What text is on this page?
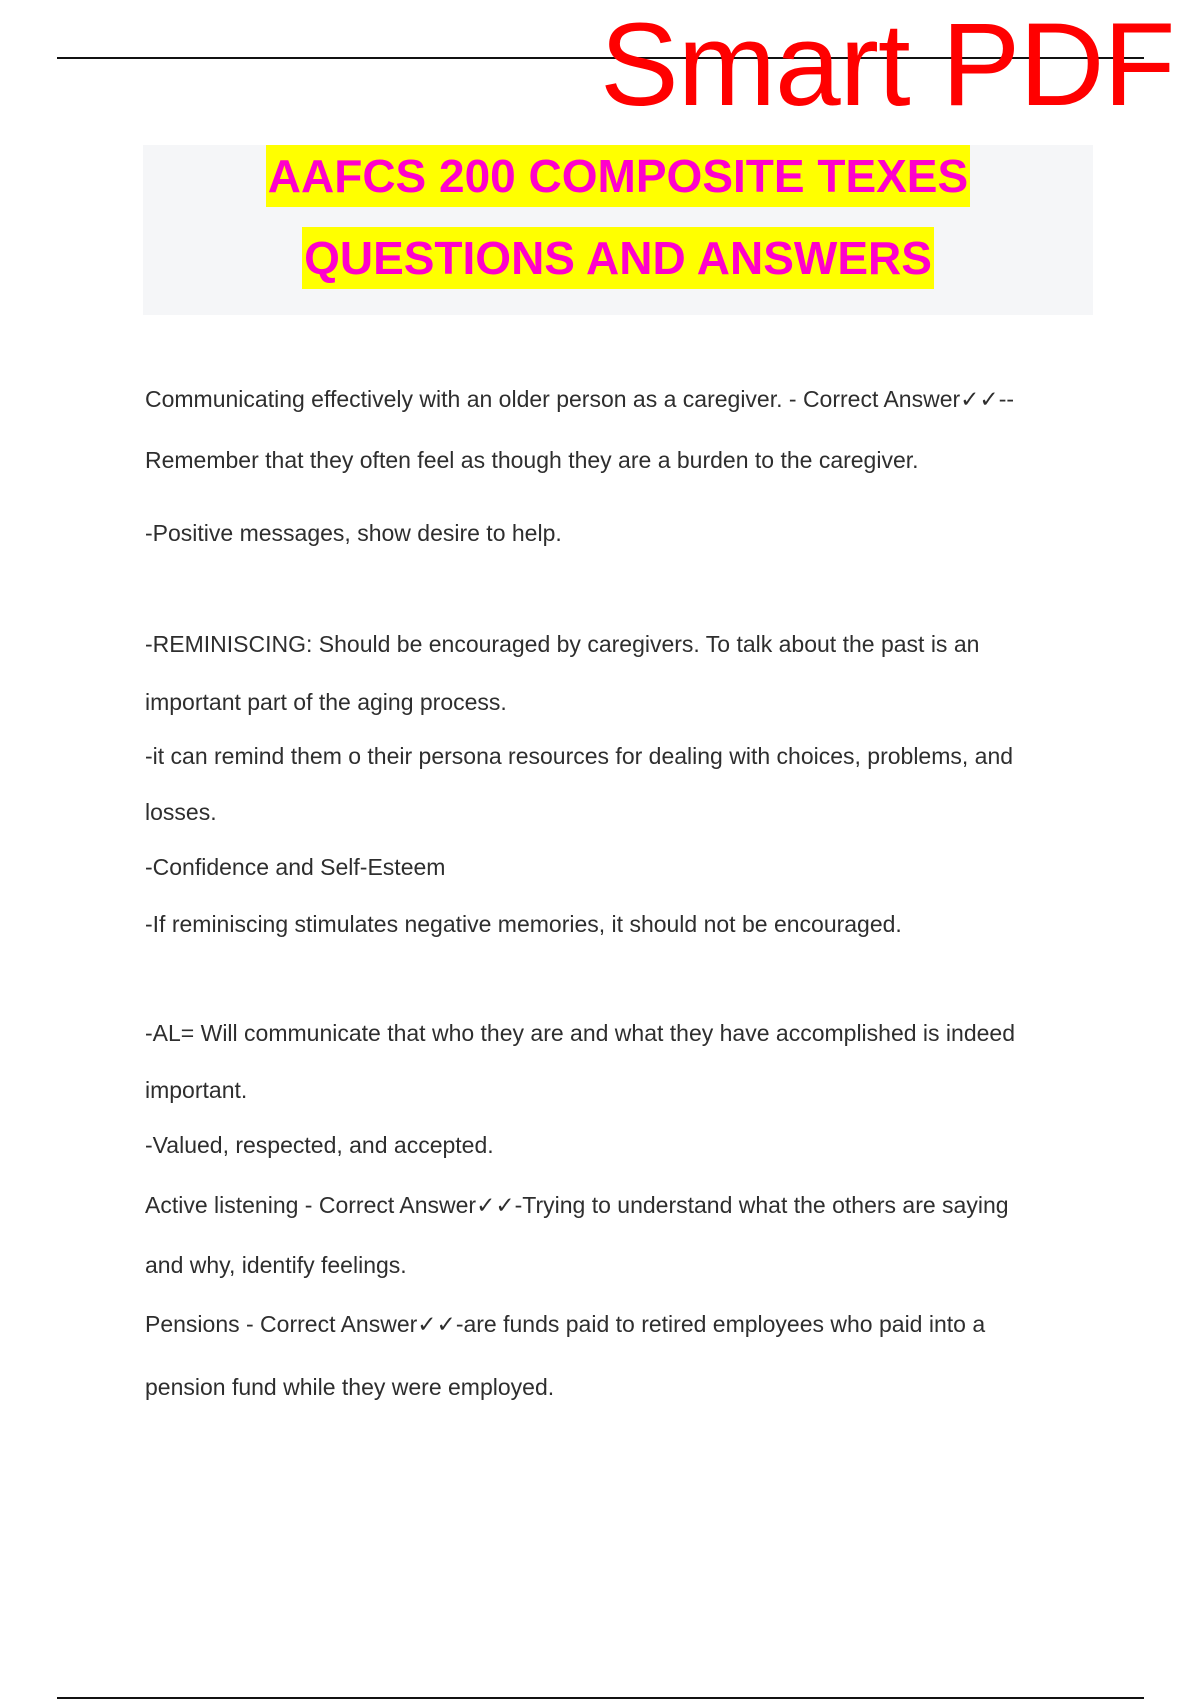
Smart PDF
AAFCS 200 COMPOSITE TEXES
QUESTIONS AND ANSWERS
Communicating effectively with an older person as a caregiver. - Correct Answer✓✓--
Remember that they often feel as though they are a burden to the caregiver.
-Positive messages, show desire to help.
-REMINISCING: Should be encouraged by caregivers. To talk about the past is an
important part of the aging process.
-it can remind them o their persona resources for dealing with choices, problems, and
losses.
-Confidence and Self-Esteem
-If reminiscing stimulates negative memories, it should not be encouraged.
-AL= Will communicate that who they are and what they have accomplished is indeed
important.
-Valued, respected, and accepted.
Active listening - Correct Answer✓✓-Trying to understand what the others are saying
and why, identify feelings.
Pensions - Correct Answer✓✓-are funds paid to retired employees who paid into a
pension fund while they were employed.
